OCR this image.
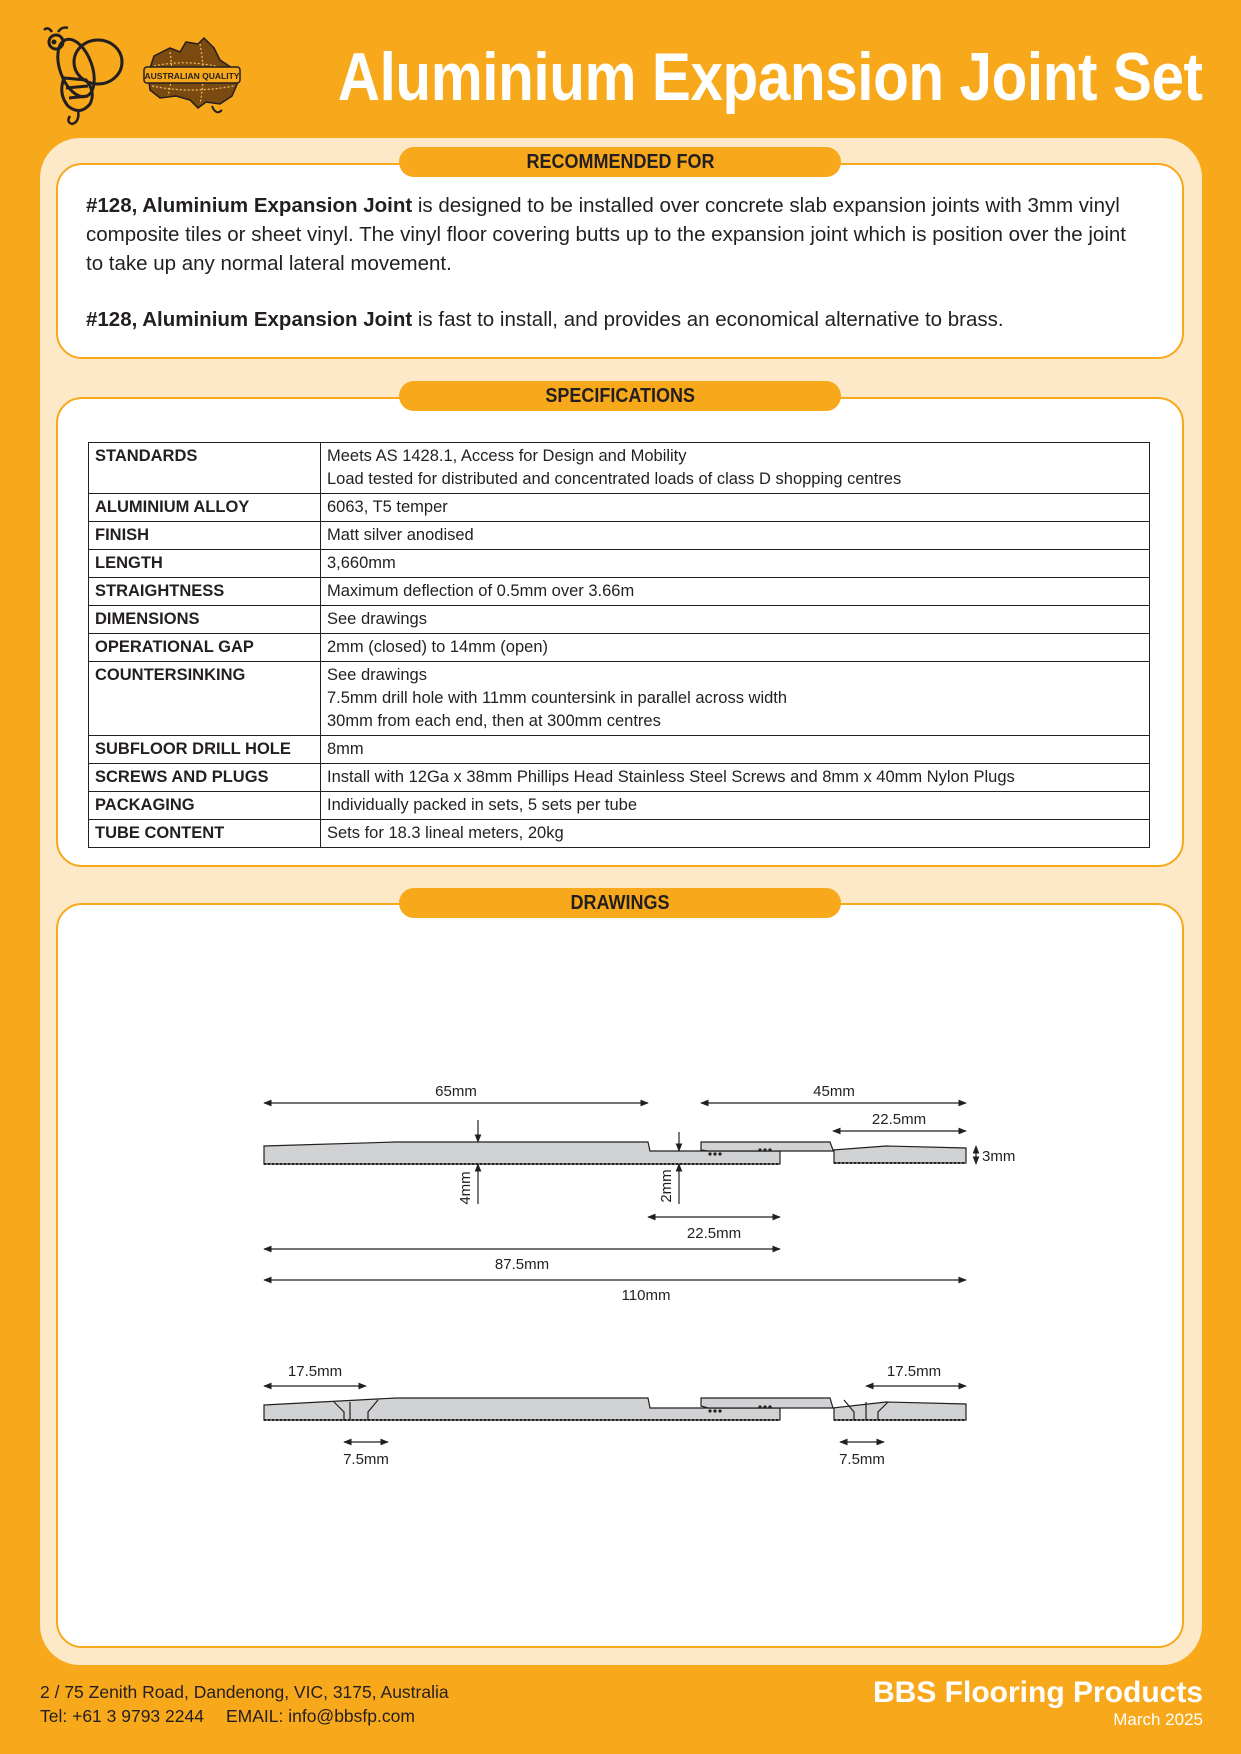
AUSTRALIAN QUALITY Aluminium Expansion Joint Set
RECOMMENDED FOR

#128, Aluminium Expansion Joint is designed to be installed over concrete slab expansion joints with 3mm vinyl composite tiles or sheet vinyl. The vinyl floor covering butts up to the expansion joint which is position over the joint to take up any normal lateral movement.

#128, Aluminium Expansion Joint is fast to install, and provides an economical alternative to brass.

SPECIFICATIONS
STANDARDS	Meets AS 1428.1, Access for Design and Mobility
Load tested for distributed and concentrated loads of class D shopping centres

ALUMINIUM ALLOY	6063, T5 temper

FINISH	Matt silver anodised

LENGTH	3,660mm

STRAIGHTNESS	Maximum deflection of 0.5mm over 3.66m

DIMENSIONS	See drawings

OPERATIONAL GAP	2mm (closed) to 14mm (open)

COUNTERSINKING	See drawings
7.5mm drill hole with 11mm countersink in parallel across width
30mm from each end, then at 300mm centres

SUBFLOOR DRILL HOLE	8mm

SCREWS AND PLUGS	Install with 12Ga x 38mm Phillips Head Stainless Steel Screws and 8mm x 40mm Nylon Plugs

PACKAGING	Individually packed in sets, 5 sets per tube

TUBE CONTENT	Sets for 18.3 lineal meters, 20kg
DRAWINGS
65mm	45mm
22.5mm
3mm
4mm	2mm
22.5mm
87.5mm
110mm
17.5mm	17.5mm
7.5mm	7.5mm
2 / 75 Zenith Road, Dandenong, VIC, 3175, Australia
Tel: +61 3 9793 2244 EMAIL: info@bbsfp.com
BBS Flooring Products
March 2025
